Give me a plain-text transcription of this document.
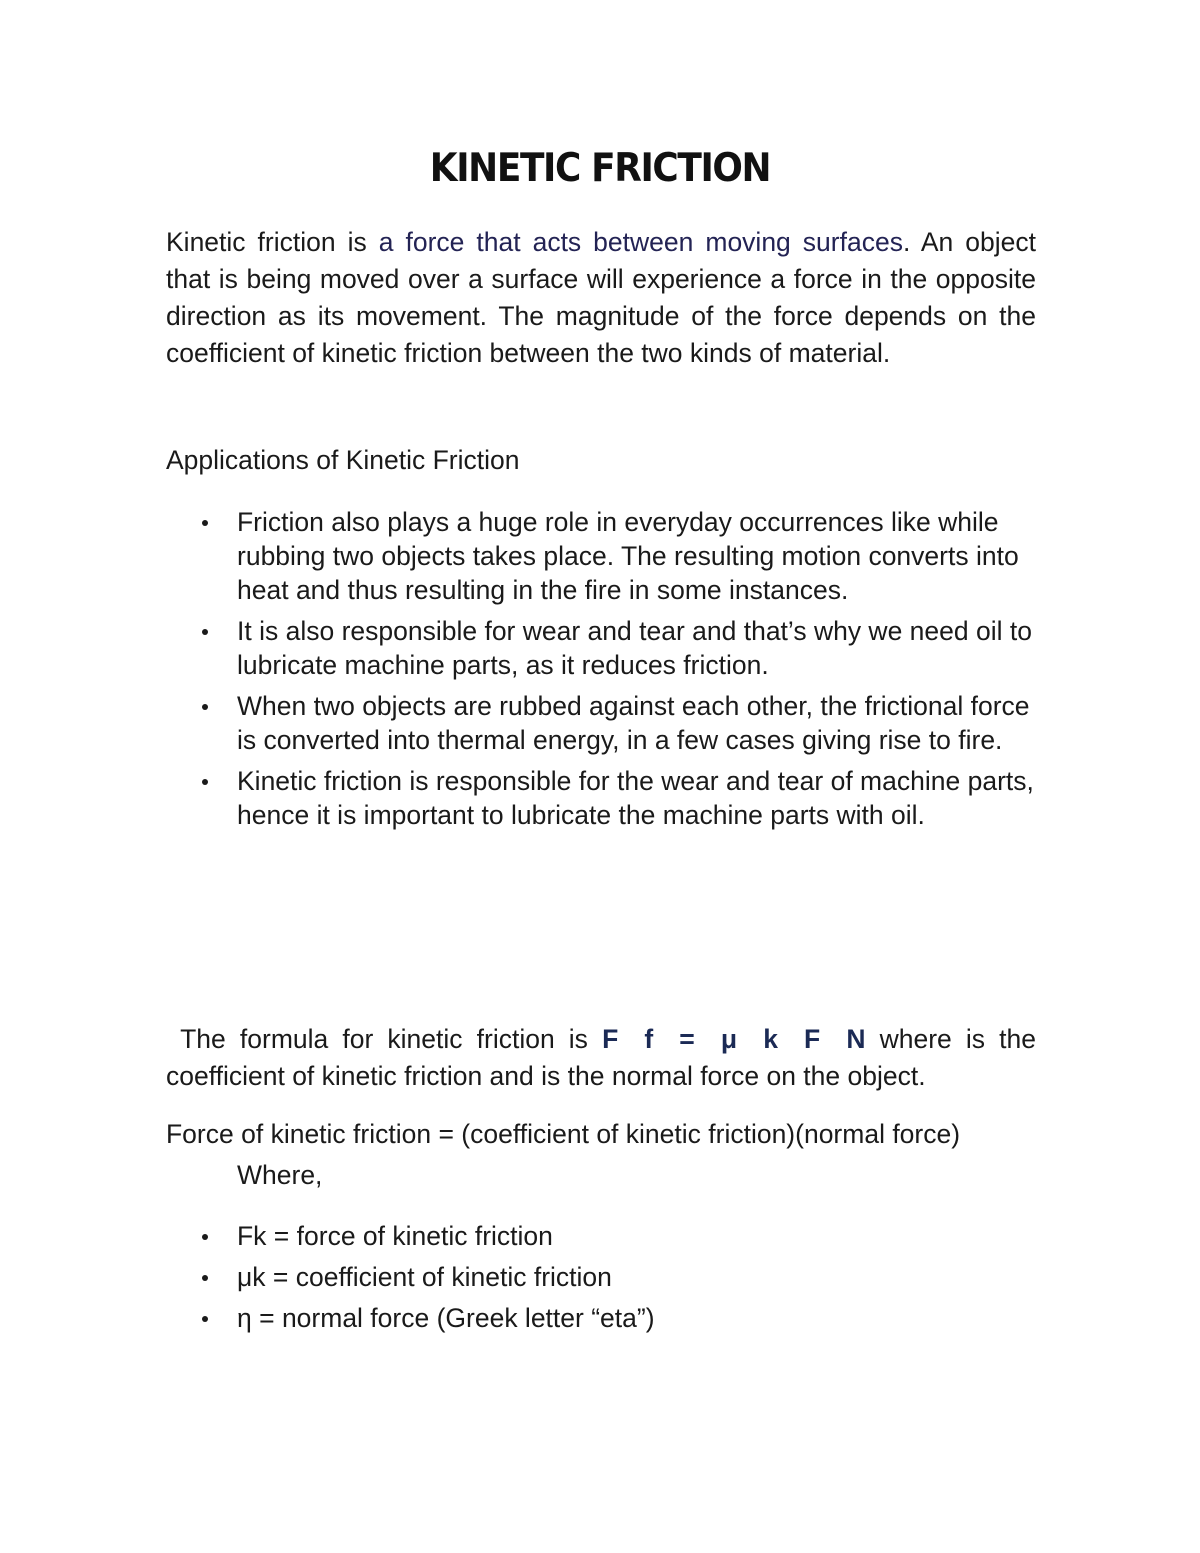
KINETIC FRICTION

Kinetic friction is a force that acts between moving surfaces. An object that is being moved over a surface will experience a force in the opposite direction as its movement. The magnitude of the force depends on the coefficient of kinetic friction between the two kinds of material.

Applications of Kinetic Friction
Friction also plays a huge role in everyday occurrences like while rubbing two objects takes place. The resulting motion converts into heat and thus resulting in the fire in some instances.
It is also responsible for wear and tear and that’s why we need oil to lubricate machine parts, as it reduces friction.
When two objects are rubbed against each other, the frictional force is converted into thermal energy, in a few cases giving rise to fire.
Kinetic friction is responsible for the wear and tear of machine parts, hence it is important to lubricate the machine parts with oil.

The formula for kinetic friction is F f = μ k F N where is the
coefficient of kinetic friction and is the normal force on the object.

Force of kinetic friction = (coefficient of kinetic friction)(normal force)
Where,
Fk = force of kinetic friction
μk = coefficient of kinetic friction
η = normal force (Greek letter “eta”)
